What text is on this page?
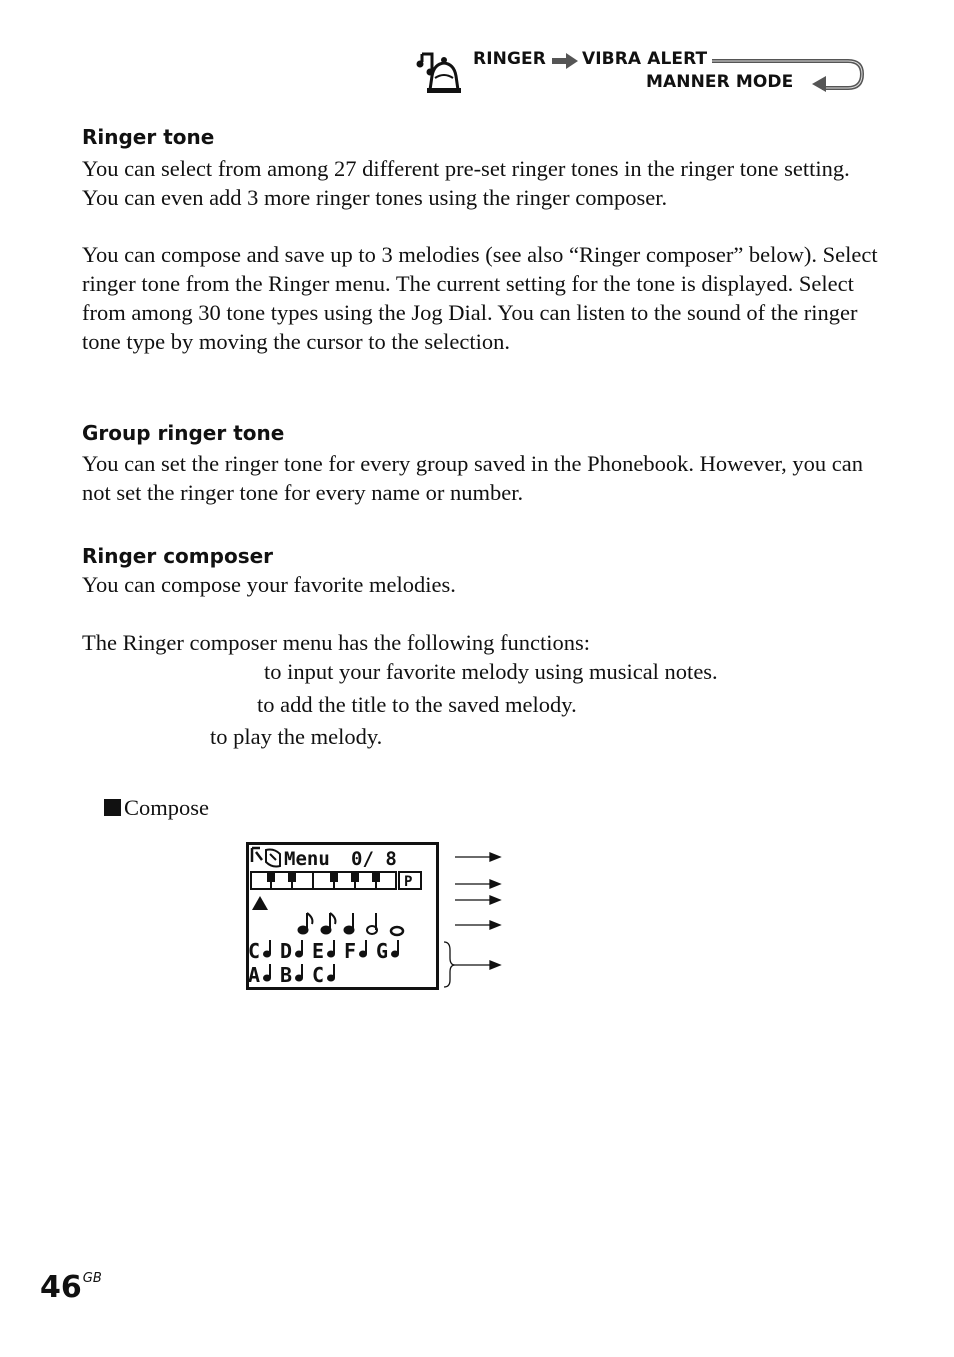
RINGER VIBRA ALERT
MANNER MODE
Ringer tone

You can select from among 27 different pre-set ringer tones in the ringer tone setting. You can even add 3 more ringer tones using the ringer composer.

You can compose and save up to 3 melodies (see also “Ringer composer” below). Select ringer tone from the Ringer menu. The current setting for the tone is displayed. Select from among 30 tone types using the Jog Dial. You can listen to the sound of the ringer tone type by moving the cursor to the selection.

Group ringer tone

You can set the ringer tone for every group saved in the Phonebook. However, you can not set the ringer tone for every name or number.

Ringer composer

You can compose your favorite melodies.

The Ringer composer menu has the following functions:

to input your favorite melody using musical notes.

to add the title to the saved melody.

to play the melody.

Compose
Menu 0/ 8
P
C D E F G
A B C
$46^{GB}$
